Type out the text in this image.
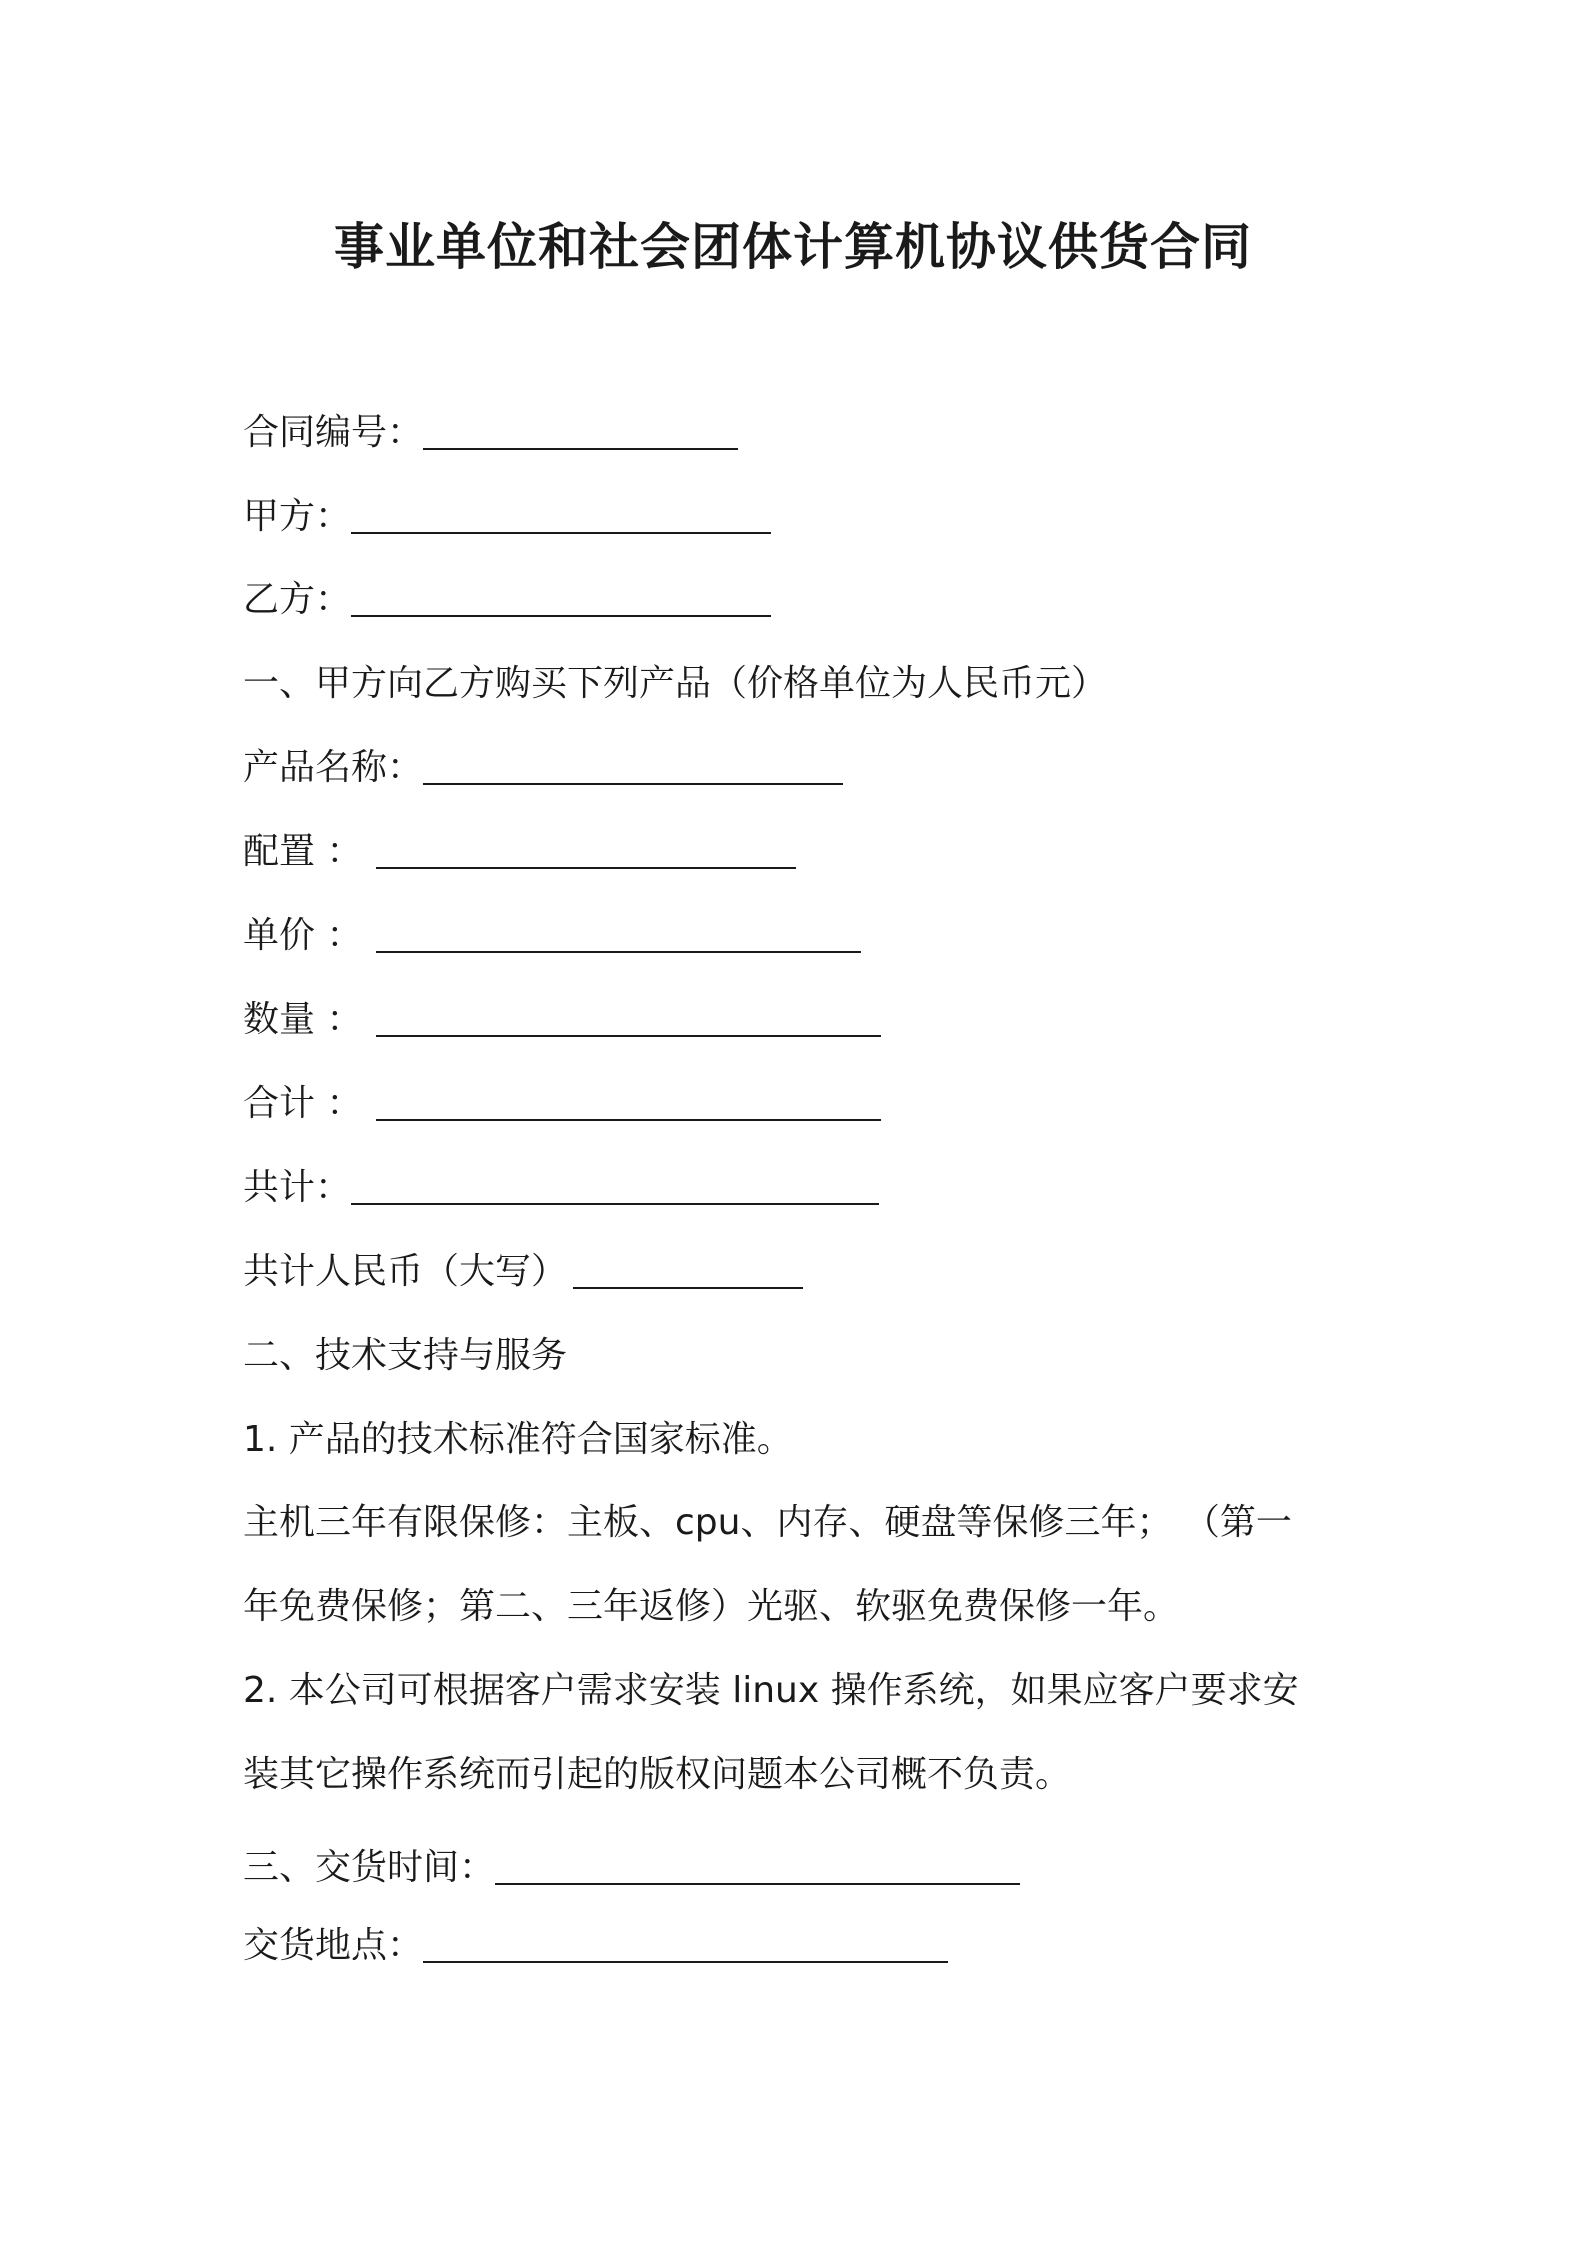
事业单位和社会团体计算机协议供货合同
合同编号：
甲方：
乙方：
一、甲方向乙方购买下列产品（价格单位为人民币元）
产品名称：
配置 ：
单价 ：
数量 ：
合计 ：
共计：
共计人民币（大写）
二、技术支持与服务
1. 产品的技术标准符合国家标准。
主机三年有限保修：主板、cpu、内存、硬盘等保修三年； （第一
年免费保修；第二、三年返修）光驱、软驱免费保修一年。
2. 本公司可根据客户需求安装 linux 操作系统，如果应客户要求安
装其它操作系统而引起的版权问题本公司概不负责。
三、交货时间：
交货地点：
